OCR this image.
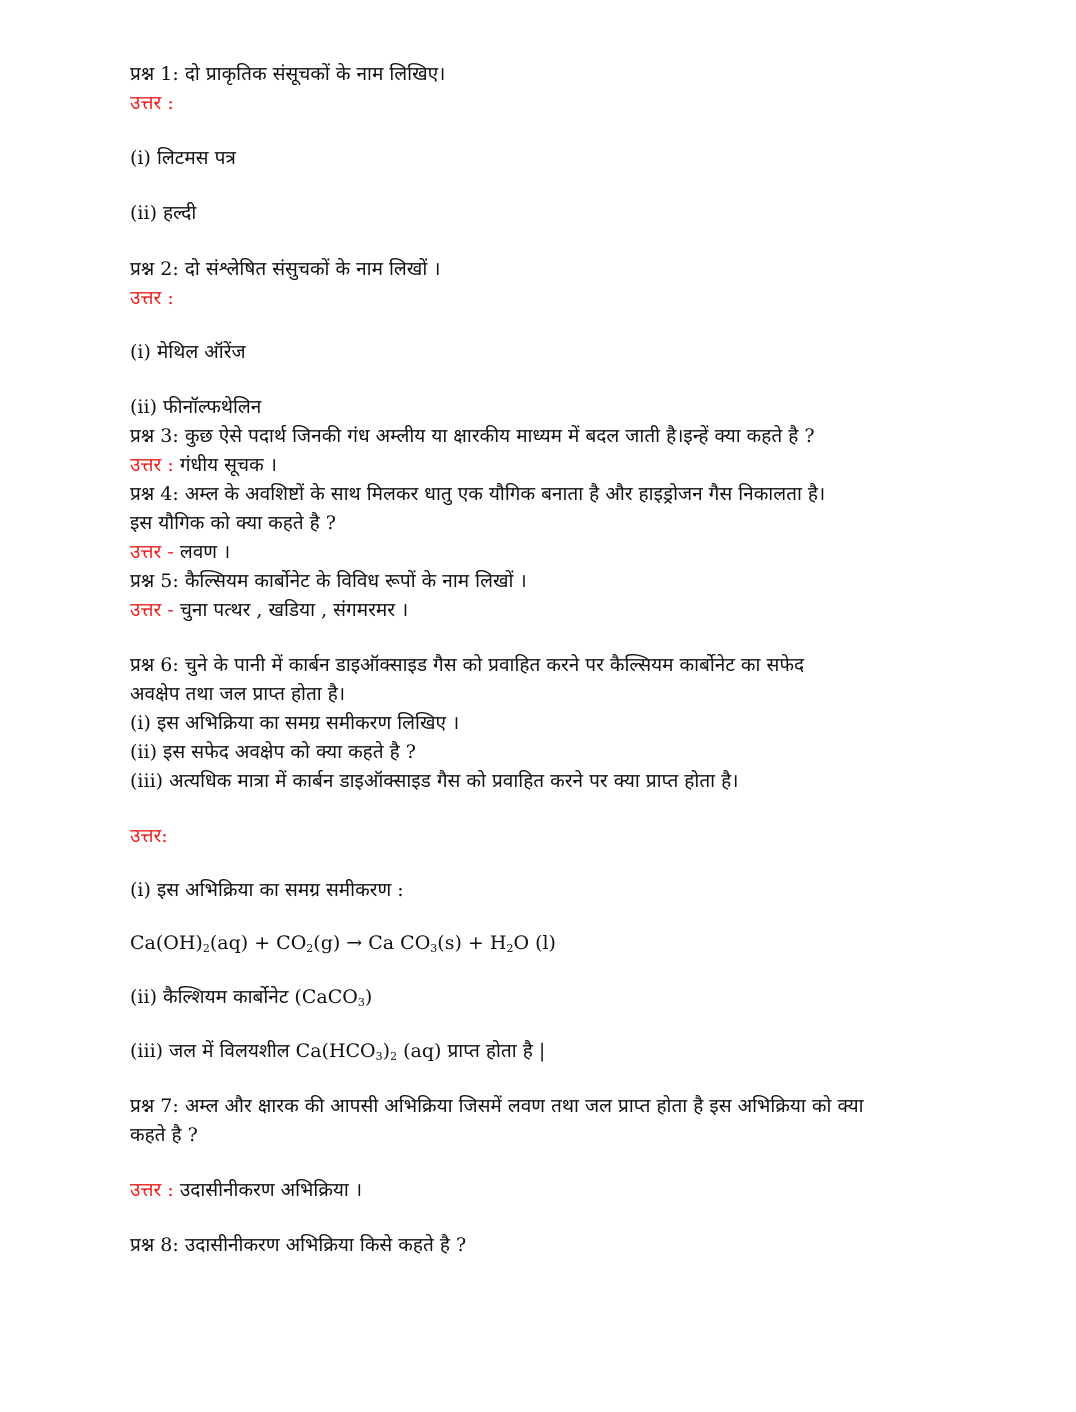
प्रश्न 1: दो प्राकृतिक संसूचकों के नाम लिखिए।
उत्तर :
(i) लिटमस पत्र
(ii) हल्दी
प्रश्न 2: दो संश्लेषित संसुचकों के नाम लिखों ।
उत्तर :
(i) मेथिल ऑरेंज
(ii) फीनॉल्फथेलिन
प्रश्न 3: कुछ ऐसे पदार्थ जिनकी गंध अम्लीय या क्षारकीय माध्यम में बदल जाती है।इन्हें क्या कहते है ?
उत्तर : गंधीय सूचक ।
प्रश्न 4: अम्ल के अवशिष्टों के साथ मिलकर धातु एक यौगिक बनाता है और हाइड्रोजन गैस निकालता है।
इस यौगिक को क्या कहते है ?
उत्तर - लवण ।
प्रश्न 5: कैल्सियम कार्बोनेट के विविध रूपों के नाम लिखों ।
उत्तर - चुना पत्थर , खडिया , संगमरमर ।
प्रश्न 6: चुने के पानी में कार्बन डाइऑक्साइड गैस को प्रवाहित करने पर कैल्सियम कार्बोनेट का सफेद
अवक्षेप तथा जल प्राप्त होता है।
(i) इस अभिक्रिया का समग्र समीकरण लिखिए ।
(ii) इस सफेद अवक्षेप को क्या कहते है ?
(iii) अत्यधिक मात्रा में कार्बन डाइऑक्साइड गैस को प्रवाहित करने पर क्या प्राप्त होता है।
उत्तर:
(i) इस अभिक्रिया का समग्र समीकरण :
$Ca(OH)_2(aq) + CO_2(g) \to Ca$ $CO_3(s) + H_2O$ (l)
(ii) कैल्शियम कार्बोनेट (CaCO$_3$)
(iii) जल में विलयशील $Ca(HCO_3)_2$ (aq) प्राप्त होता है |
प्रश्न 7: अम्ल और क्षारक की आपसी अभिक्रिया जिसमें लवण तथा जल प्राप्त होता है इस अभिक्रिया को क्या
कहते है ?
उत्तर : उदासीनीकरण अभिक्रिया ।
प्रश्न 8: उदासीनीकरण अभिक्रिया किसे कहते है ?
